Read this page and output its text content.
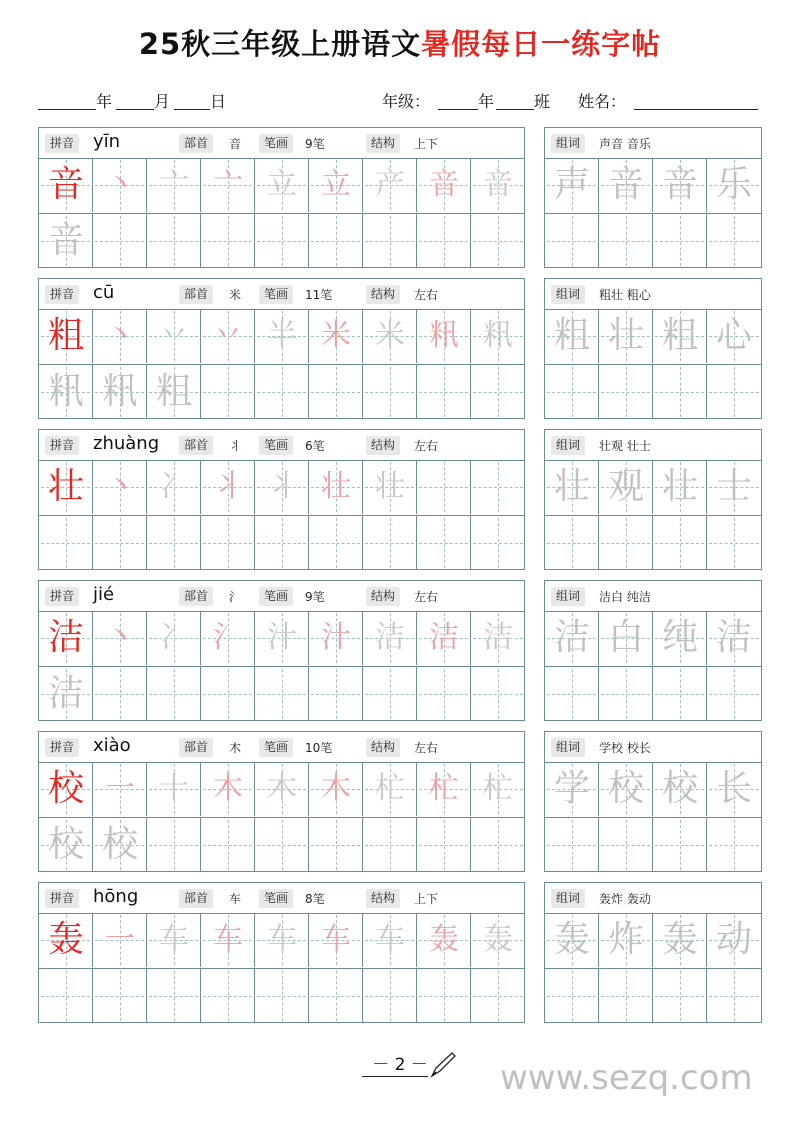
25秋三年级上册语文暑假每日一练字帖
年	月 日	年级：	年 班 姓名：
拼音 yīn	部首	音	笔画	9笔	结构	上下
音 丶 亠 亠 立 立 产 音 音
音
组词	声音 音乐
声 音 音 乐
拼音 cū	部首	米	笔画	11笔	结构	左右
粗 丶 丷 丷 半 米 米 籸 籸
籸 籸 粗
组词	粗壮 粗心
粗 壮 粗 心
拼音 zhuàng	部首	丬	笔画	6笔	结构	左右
壮 丶 冫 丬 丬 壮 壮
组词	壮观 壮士
壮 观 壮 士
拼音 jié	部首	氵	笔画	9笔	结构	左右
洁 丶 冫 氵 汁 汁 洁 洁 洁
洁
组词	洁白 纯洁
洁 白 纯 洁
拼音 xiào	部首	木	笔画	10笔	结构	左右
校 一 十 木 木 木 杧 杧 杧
校 校
组词	学校 校长
学 校 校 长
拼音 hōng	部首	车	笔画	8笔	结构	上下
轰 一 车 车 车 车 车 轰 轰
组词	轰炸 轰动
轰 炸 轰 动
－ 2 －	www.sezq.com
